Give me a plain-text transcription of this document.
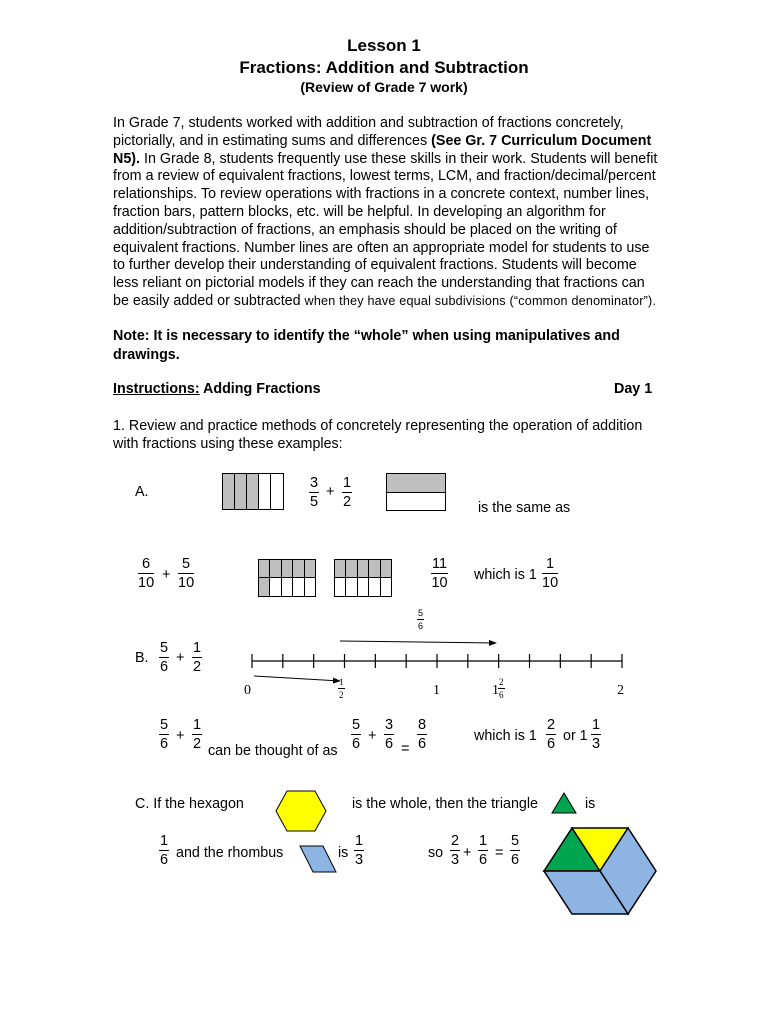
Lesson 1
Fractions: Addition and Subtraction
(Review of Grade 7 work)
In Grade 7, students worked with addition and subtraction of fractions concretely, pictorially, and in estimating sums and differences (See Gr. 7 Curriculum Document N5). In Grade 8, students frequently use these skills in their work. Students will benefit from a review of equivalent fractions, lowest terms, LCM, and fraction/decimal/percent relationships. To review operations with fractions in a concrete context, number lines, fraction bars, pattern blocks, etc. will be helpful. In developing an algorithm for addition/subtraction of fractions, an emphasis should be placed on the writing of equivalent fractions. Number lines are often an appropriate model for students to use to further develop their understanding of equivalent fractions. Students will become less reliant on pictorial models if they can reach the understanding that fractions can be easily added or subtracted when they have equal subdivisions (“common denominator”).
Note: It is necessary to identify the “whole” when using manipulatives and drawings.
Instructions: Adding Fractions	Day 1
1. Review and practice methods of concretely representing the operation of addition with fractions using these examples:
A.
3
5
+
1
2	is the same as
6
10 +
5
10
11
10 which is 1
1
10
B.
5
6
+
1
2
5
6
0
1
2	1	1
2
6	2
5
6 +
1
2 can be thought of as
5
6 +
3
6 =
8
6	which is 1
2
6 or 1
1
3
C. If the hexagon	is the whole, then the triangle	is
1
6 and the rhombus	is
1
3	so
2
3 +
1
6 =
5
6
